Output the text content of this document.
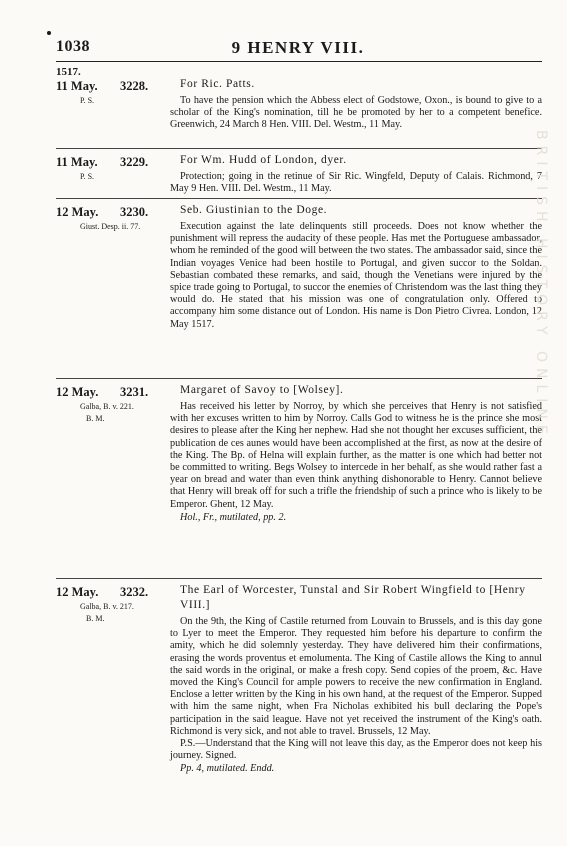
1038	9 HENRY VIII.
1517.
11 May. 3228.
P. S.
For Ric. Patts.

To have the pension which the Abbess elect of Godstowe, Oxon., is bound to give to a scholar of the King's nomination, till he be promoted by her to a competent benefice. Greenwich, 24 March 8 Hen. VIII. Del. Westm., 11 May.

11 May. 3229.
P. S.
For Wm. Hudd of London, dyer.

Protection; going in the retinue of Sir Ric. Wingfeld, Deputy of Calais. Richmond, 7 May 9 Hen. VIII. Del. Westm., 11 May.

12 May. 3230.
Giust. Desp. ii. 77.
Seb. Giustinian to the Doge.

Execution against the late delinquents still proceeds. Does not know whether the punishment will repress the audacity of these people. Has met the Portuguese ambassador, whom he reminded of the good will between the two states. The ambassador said, since the Indian voyages Venice had been hostile to Portugal, and given succor to the Soldan. Sebastian combated these remarks, and said, though the Venetians were injured by the spice trade going to Portugal, to succor the enemies of Christendom was the last thing they would do. He stated that his mission was one of congratulation only. Offered to accompany him some distance out of London. His name is Don Pietro Civrea. London, 12 May 1517.

12 May. 3231.
Galba, B. v. 221.
B. M.
Margaret of Savoy to [Wolsey].

Has received his letter by Norroy, by which she perceives that Henry is not satisfied with her excuses written to him by Norroy. Calls God to witness he is the prince she most desires to please after the King her nephew. Had she not thought her excuses sufficient, the publication de ces aunes would have been accomplished at the first, as now at the desire of the King. The Bp. of Helna will explain further, as the matter is one which had better not be committed to writing. Begs Wolsey to intercede in her behalf, as she would rather fast a year on bread and water than even think anything dishonorable to Henry. Cannot believe that Henry will break off for such a trifle the friendship of such a prince who is likely to be Emperor. Ghent, 12 May.

Hol., Fr., mutilated, pp. 2.
12 May. 3232.
Galba, B. v. 217.
B. M.
The Earl of Worcester, Tunstal and Sir Robert Wingfield to [Henry VIII.]

On the 9th, the King of Castile returned from Louvain to Brussels, and is this day gone to Lyer to meet the Emperor. They requested him before his departure to confirm the amity, which he did solemnly yesterday. They have delivered him their confirmations, erasing the words proventus et emolumenta. The King of Castile allows the King to annul the said words in the original, or make a fresh copy. Send copies of the proem, &c. Have moved the King's Council for ample powers to receive the new confirmation in England. Enclose a letter written by the King in his own hand, at the request of the Emperor. Supped with him the same night, when Fra Nicholas exhibited his bull declaring the Pope's participation in the said league. Have not yet received the instrument of the King's oath. Richmond is very sick, and not able to travel. Brussels, 12 May.

P.S.—Understand that the King will not leave this day, as the Emperor does not keep his journey. Signed.

Pp. 4, mutilated. Endd.
BRITISH HISTORY ONLINE
